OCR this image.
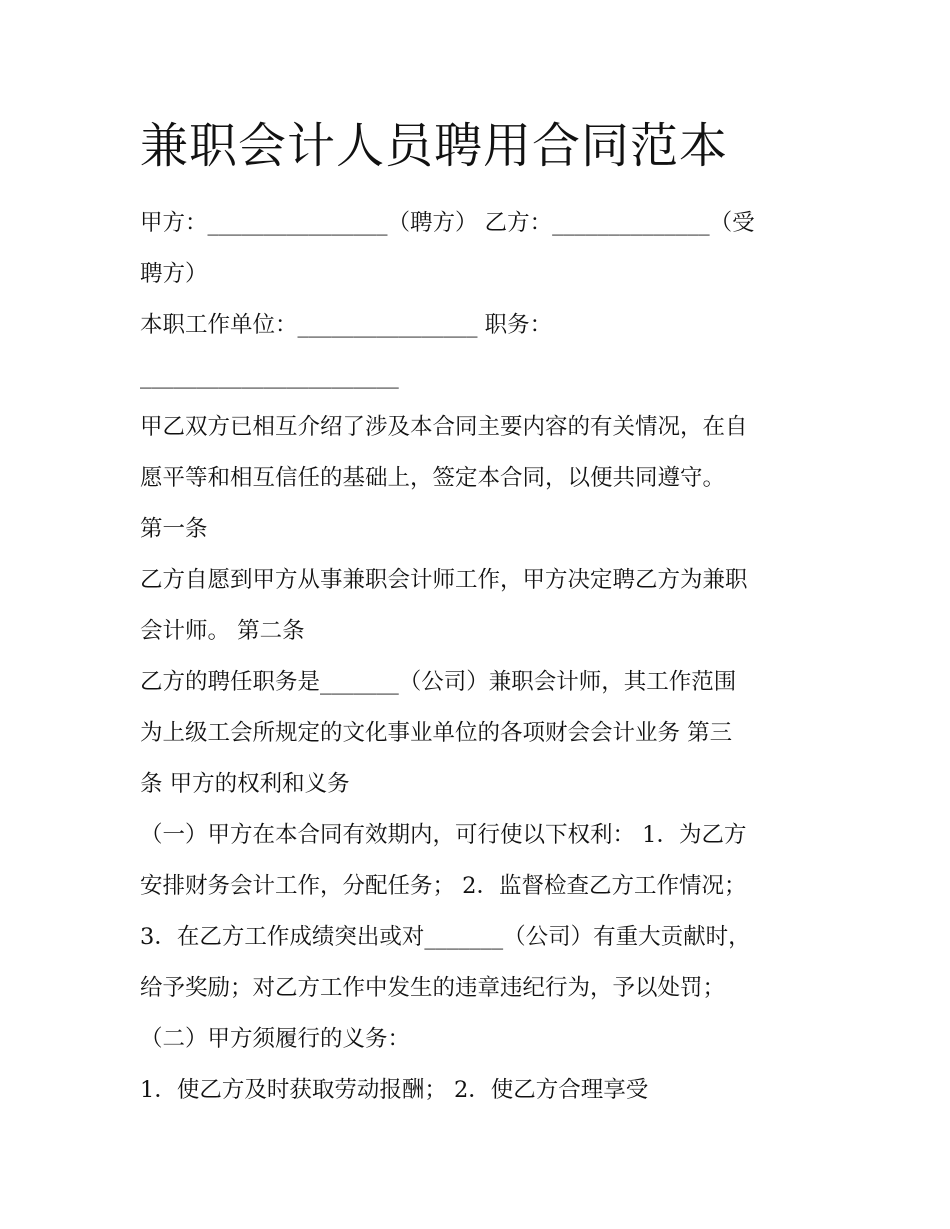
兼职会计人员聘用合同范本
甲方：________________（聘方） 乙方：______________（受
聘方）
本职工作单位：________________ 职务：
_______________________
甲乙双方已相互介绍了涉及本合同主要内容的有关情况，在自
愿平等和相互信任的基础上，签定本合同，以便共同遵守。
第一条
乙方自愿到甲方从事兼职会计师工作，甲方决定聘乙方为兼职
会计师。 第二条
乙方的聘任职务是_______（公司）兼职会计师，其工作范围
为上级工会所规定的文化事业单位的各项财会会计业务 第三
条 甲方的权利和义务
（一）甲方在本合同有效期内，可行使以下权利： 1．为乙方
安排财务会计工作，分配任务； 2．监督检查乙方工作情况；
3．在乙方工作成绩突出或对_______（公司）有重大贡献时，
给予奖励；对乙方工作中发生的违章违纪行为，予以处罚；
（二）甲方须履行的义务：
1．使乙方及时获取劳动报酬； 2．使乙方合理享受
